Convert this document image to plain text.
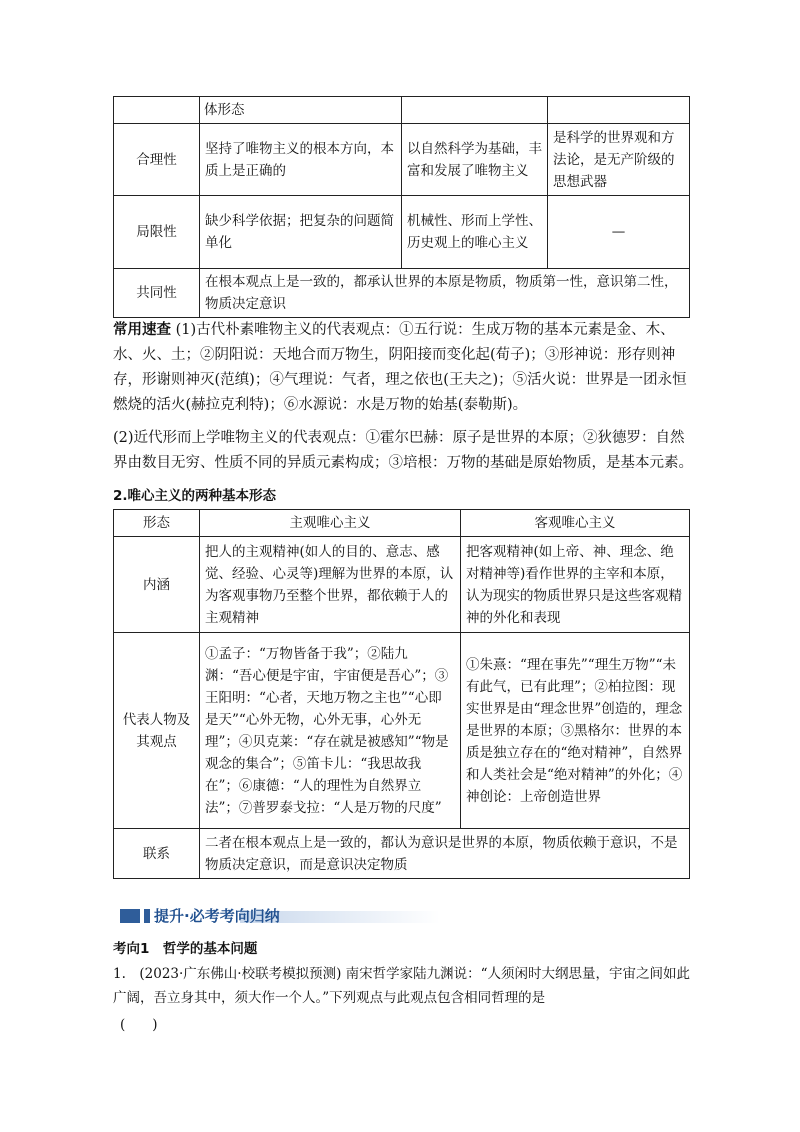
	体形态		
合理性	坚持了唯物主义的根本方向，本质上是正确的	以自然科学为基础，丰富和发展了唯物主义	是科学的世界观和方法论，是无产阶级的思想武器
局限性	缺少科学依据；把复杂的问题简单化	机械性、形而上学性、历史观上的唯心主义	—
共同性	在根本观点上是一致的，都承认世界的本原是物质，物质第一性，意识第二性，物质决定意识		
常用速查 (1)古代朴素唯物主义的代表观点：①五行说：生成万物的基本元素是金、木、水、火、土；②阴阳说：天地合而万物生，阴阳接而变化起(荀子)；③形神说：形存则神存，形谢则神灭(范缜)；④气理说：气者，理之依也(王夫之)；⑤活火说：世界是一团永恒燃烧的活火(赫拉克利特)；⑥水源说：水是万物的始基(泰勒斯)。
(2)近代形而上学唯物主义的代表观点：①霍尔巴赫：原子是世界的本原；②狄德罗：自然界由数目无穷、性质不同的异质元素构成；③培根：万物的基础是原始物质，是基本元素。
2.唯心主义的两种基本形态
形态	主观唯心主义	客观唯心主义
内涵	把人的主观精神(如人的目的、意志、感觉、经验、心灵等)理解为世界的本原，认为客观事物乃至整个世界，都依赖于人的主观精神	把客观精神(如上帝、神、理念、绝对精神等)看作世界的主宰和本原，认为现实的物质世界只是这些客观精神的外化和表现
代表人物及其观点	①孟子：“万物皆备于我”；②陆九渊：“吾心便是宇宙，宇宙便是吾心”；③王阳明：“心者，天地万物之主也”“心即是天”“心外无物，心外无事，心外无理”；④贝克莱：“存在就是被感知”“物是观念的集合”；⑤笛卡儿：“我思故我在”；⑥康德：“人的理性为自然界立法”；⑦普罗泰戈拉：“人是万物的尺度”	①朱熹：“理在事先”“理生万物”“未有此气，已有此理”；②柏拉图：现实世界是由“理念世界”创造的，理念是世界的本原；③黑格尔：世界的本质是独立存在的“绝对精神”，自然界和人类社会是“绝对精神”的外化；④神创论：上帝创造世界
联系	二者在根本观点上是一致的，都认为意识是世界的本原，物质依赖于意识，不是物质决定意识，而是意识决定物质	
提升·必考考向归纳
考向1　哲学的基本问题
1.　(2023·广东佛山·校联考模拟预测) 南宋哲学家陆九渊说：“人须闲时大纲思量，宇宙之间如此广阔，吾立身其中，须大作一个人。”下列观点与此观点包含相同哲理的是
(　　)
